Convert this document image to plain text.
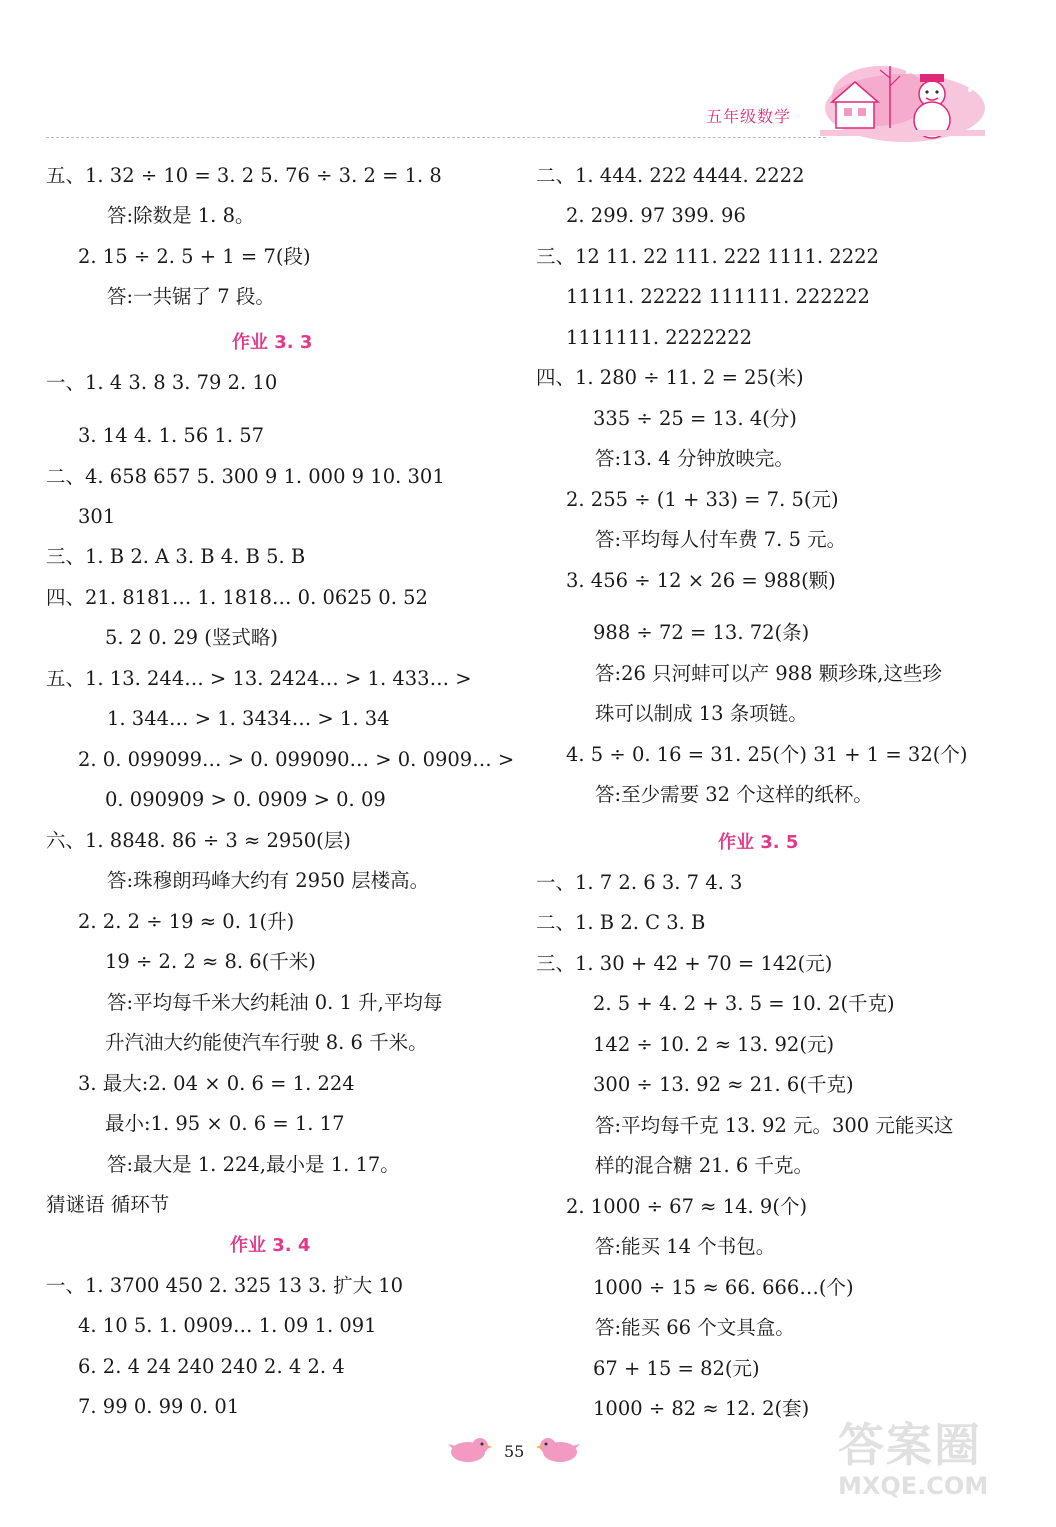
五年级数学
五、1. 32 ÷ 10 = 3. 2 5. 76 ÷ 3. 2 = 1. 8
答:除数是 1. 8。
2. 15 ÷ 2. 5 + 1 = 7(段)
答:一共锯了 7 段。
作业 3. 3
一、1. 4 3. 8 3. 79 2. 10
3. 14 4. 1. 56 1. 57
二、4. 658 657 5. 300 9 1. 000 9 10. 301
301
三、1. B 2. A 3. B 4. B 5. B
四、21. 8181… 1. 1818… 0. 0625 0. 52
5. 2 0. 29 (竖式略)
五、1. 13. 244… > 13. 2424… > 1. 433… >
1. 344… > 1. 3434… > 1. 34
2. 0. 099099… > 0. 099090… > 0. 0909… >
0. 090909 > 0. 0909 > 0. 09
六、1. 8848. 86 ÷ 3 ≈ 2950(层)
答:珠穆朗玛峰大约有 2950 层楼高。
2. 2. 2 ÷ 19 ≈ 0. 1(升)
19 ÷ 2. 2 ≈ 8. 6(千米)
答:平均每千米大约耗油 0. 1 升,平均每
升汽油大约能使汽车行驶 8. 6 千米。
3. 最大:2. 04 × 0. 6 = 1. 224
最小:1. 95 × 0. 6 = 1. 17
答:最大是 1. 224,最小是 1. 17。
猜谜语 循环节
作业 3. 4
一、1. 3700 450 2. 325 13 3. 扩大 10
4. 10 5. 1. 0909… 1. 09 1. 091
6. 2. 4 24 240 240 2. 4 2. 4
7. 99 0. 99 0. 01
二、1. 444. 222 4444. 2222
2. 299. 97 399. 96
三、12 11. 22 111. 222 1111. 2222
11111. 22222 111111. 222222
1111111. 2222222
四、1. 280 ÷ 11. 2 = 25(米)
335 ÷ 25 = 13. 4(分)
答:13. 4 分钟放映完。
2. 255 ÷ (1 + 33) = 7. 5(元)
答:平均每人付车费 7. 5 元。
3. 456 ÷ 12 × 26 = 988(颗)
988 ÷ 72 = 13. 72(条)
答:26 只河蚌可以产 988 颗珍珠,这些珍
珠可以制成 13 条项链。
4. 5 ÷ 0. 16 = 31. 25(个) 31 + 1 = 32(个)
答:至少需要 32 个这样的纸杯。
作业 3. 5
一、1. 7 2. 6 3. 7 4. 3
二、1. B 2. C 3. B
三、1. 30 + 42 + 70 = 142(元)
2. 5 + 4. 2 + 3. 5 = 10. 2(千克)
142 ÷ 10. 2 ≈ 13. 92(元)
300 ÷ 13. 92 ≈ 21. 6(千克)
答:平均每千克 13. 92 元。300 元能买这
样的混合糖 21. 6 千克。
2. 1000 ÷ 67 ≈ 14. 9(个)
答:能买 14 个书包。
1000 ÷ 15 ≈ 66. 666…(个)
答:能买 66 个文具盒。
67 + 15 = 82(元)
1000 ÷ 82 ≈ 12. 2(套)
55	答案圈
MXQE.COM
